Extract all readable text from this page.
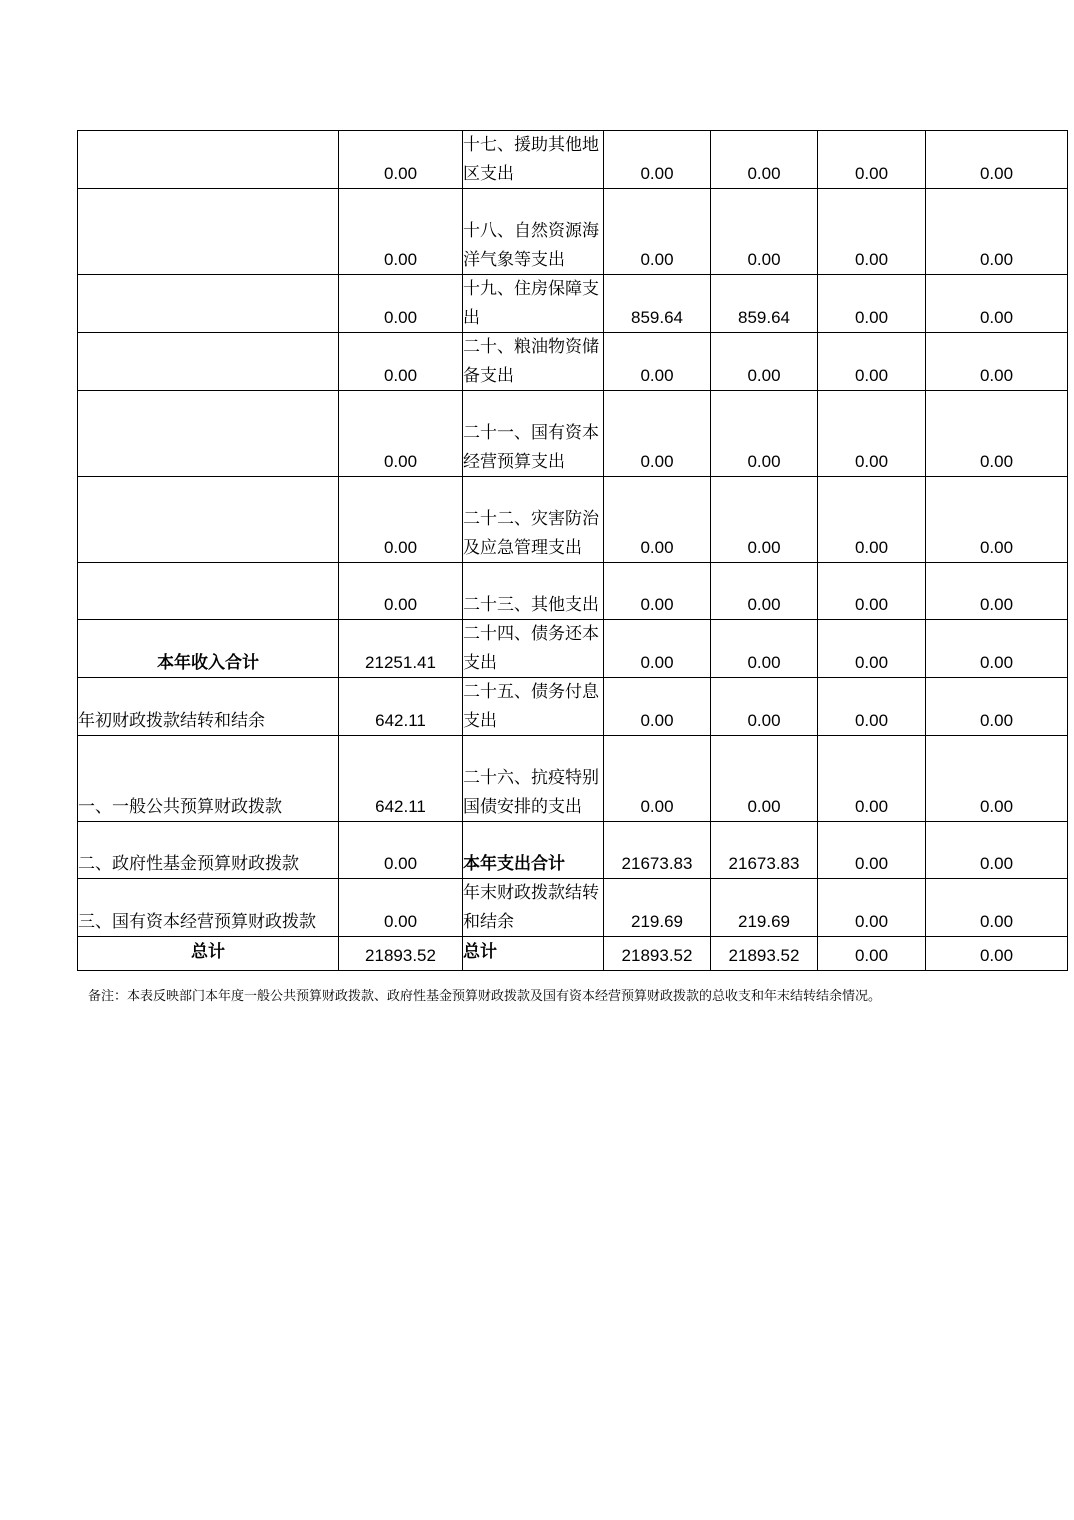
	0.00	十七、援助其他地区支出	0.00	0.00	0.00	0.00
	0.00	十八、自然资源海洋气象等支出	0.00	0.00	0.00	0.00
	0.00	十九、住房保障支出	859.64	859.64	0.00	0.00
	0.00	二十、粮油物资储备支出	0.00	0.00	0.00	0.00
	0.00	二十一、国有资本经营预算支出	0.00	0.00	0.00	0.00
	0.00	二十二、灾害防治及应急管理支出	0.00	0.00	0.00	0.00
	0.00	二十三、其他支出	0.00	0.00	0.00	0.00
本年收入合计	21251.41	二十四、债务还本支出	0.00	0.00	0.00	0.00
年初财政拨款结转和结余	642.11	二十五、债务付息支出	0.00	0.00	0.00	0.00
一、一般公共预算财政拨款	642.11	二十六、抗疫特别国债安排的支出	0.00	0.00	0.00	0.00
二、政府性基金预算财政拨款	0.00	本年支出合计	21673.83	21673.83	0.00	0.00
三、国有资本经营预算财政拨款	0.00	年末财政拨款结转和结余	219.69	219.69	0.00	0.00
总计	21893.52	总计	21893.52	21893.52	0.00	0.00
备注：本表反映部门本年度一般公共预算财政拨款、政府性基金预算财政拨款及国有资本经营预算财政拨款的总收支和年末结转结余情况。
